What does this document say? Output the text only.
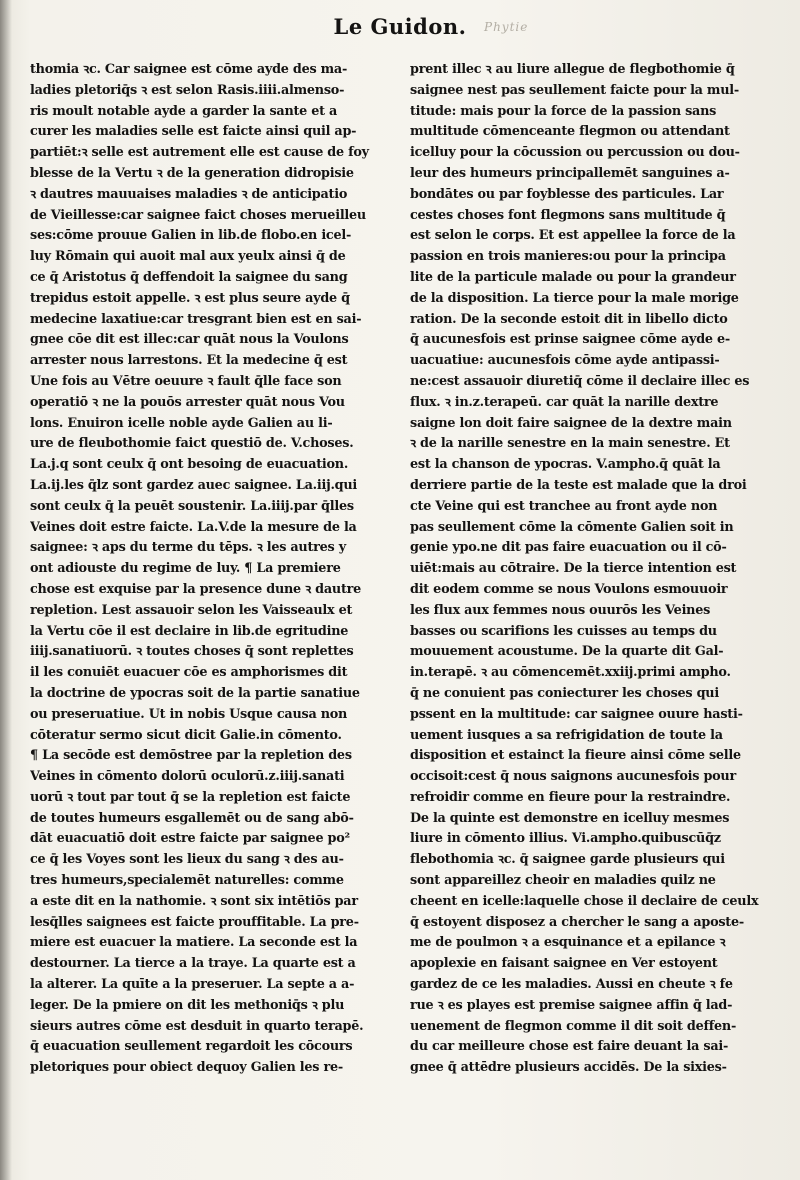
Phytie
Le Guidon.
thomia ꝛc. Car saignee est cōme ayde des ma-
ladies pletoriq̄s ꝛ est selon Rasis.iiii.almenso-
ris moult notable ayde a garder la sante et a
curer les maladies selle est faicte ainsi quil ap-
partiēt:ꝛ selle est autrement elle est cause de foy
blesse de la Vertu ꝛ de la generation didropisie
ꝛ dautres mauuaises maladies ꝛ de anticipatio
de Vieillesse:car saignee faict choses merueilleu
ses:cōme prouue Galien in lib.de flobo.en icel-
luy Rōmain qui auoit mal aux yeulx ainsi q̄ de
ce q̄ Aristotus q̄ deffendoit la saignee du sang
trepidus estoit appelle. ꝛ est plus seure ayde q̄
medecine laxatiue:car tresgrant bien est en sai-
gnee cōe dit est illec:car quāt nous la Voulons
arrester nous larrestons. Et la medecine q̄ est
Une fois au Vētre oeuure ꝛ fault q̄lle face son
operatiō ꝛ ne la pouōs arrester quāt nous Vou
lons. Enuiron icelle noble ayde Galien au li-
ure de fleubothomie faict questiō de. V.choses.
La.j.q sont ceulx q̄ ont besoing de euacuation.
La.ij.les q̄lz sont gardez auec saignee. La.iij.qui
sont ceulx q̄ la peuēt soustenir. La.iiij.par q̄lles
Veines doit estre faicte. La.V.de la mesure de la
saignee: ꝛ aps du terme du tēps. ꝛ les autres y
ont adiouste du regime de luy. ¶ La premiere
chose est exquise par la presence dune ꝛ dautre
repletion. Lest assauoir selon les Vaisseaulx et
la Vertu cōe il est declaire in lib.de egritudine
iiij.sanatiuorū. ꝛ toutes choses q̄ sont replettes
il les conuiēt euacuer cōe es amphorismes dit
la doctrine de ypocras soit de la partie sanatiue
ou preseruatiue. Ut in nobis Usque causa non
cōteratur sermo sicut dicit Galie.in cōmento.
¶ La secōde est demōstree par la repletion des
Veines in cōmento dolorū oculorū.z.iiij.sanati
uorū ꝛ tout par tout q̄ se la repletion est faicte
de toutes humeurs esgallemēt ou de sang abō-
dāt euacuatiō doit estre faicte par saignee po²
ce q̄ les Voyes sont les lieux du sang ꝛ des au-
tres humeurs,specialemēt naturelles: comme
a este dit en la nathomie. ꝛ sont six intētiōs par
lesq̄lles saignees est faicte prouffitable. La pre-
miere est euacuer la matiere. La seconde est la
destourner. La tierce a la traye. La quarte est a
la alterer. La quīte a la preseruer. La septe a a-
leger. De la pmiere on dit les methoniq̄s ꝛ plu
sieurs autres cōme est desduit in quarto terapē.
q̄ euacuation seullement regardoit les cōcours
pletoriques pour obiect dequoy Galien les re-
prent illec ꝛ au liure allegue de flegbothomie q̄
saignee nest pas seullement faicte pour la mul-
titude: mais pour la force de la passion sans
multitude cōmenceante flegmon ou attendant
icelluy pour la cōcussion ou percussion ou dou-
leur des humeurs principallemēt sanguines a-
bondātes ou par foyblesse des particules. Lar
cestes choses font flegmons sans multitude q̄
est selon le corps. Et est appellee la force de la
passion en trois manieres:ou pour la principa
lite de la particule malade ou pour la grandeur
de la disposition. La tierce pour la male morige
ration. De la seconde estoit dit in libello dicto
q̄ aucunesfois est prinse saignee cōme ayde e-
uacuatiue: aucunesfois cōme ayde antipassi-
ne:cest assauoir diuretiq̄ cōme il declaire illec es
flux. ꝛ in.z.terapeū. car quāt la narille dextre
saigne lon doit faire saignee de la dextre main
ꝛ de la narille senestre en la main senestre. Et
est la chanson de ypocras. V.ampho.q̄ quāt la
derriere partie de la teste est malade que la droi
cte Veine qui est tranchee au front ayde non
pas seullement cōme la cōmente Galien soit in
genie ypo.ne dit pas faire euacuation ou il cō-
uiēt:mais au cōtraire. De la tierce intention est
dit eodem comme se nous Voulons esmouuoir
les flux aux femmes nous ouurōs les Veines
basses ou scarifions les cuisses au temps du
mouuement acoustume. De la quarte dit Gal-
in.terapē. ꝛ au cōmencemēt.xxiij.primi ampho.
q̄ ne conuient pas coniecturer les choses qui
pssent en la multitude: car saignee ouure hasti-
uement iusques a sa refrigidation de toute la
disposition et estainct la fieure ainsi cōme selle
occisoit:cest q̄ nous saignons aucunesfois pour
refroidir comme en fieure pour la restraindre.
De la quinte est demonstre en icelluy mesmes
liure in cōmento illius. Vi.ampho.quibuscūq̄z
flebothomia ꝛc. q̄ saignee garde plusieurs qui
sont appareillez cheoir en maladies quilz ne
cheent en icelle:laquelle chose il declaire de ceulx
q̄ estoyent disposez a chercher le sang a aposte-
me de poulmon ꝛ a esquinance et a epilance ꝛ
apoplexie en faisant saignee en Ver estoyent
gardez de ce les maladies. Aussi en cheute ꝛ fe
rue ꝛ es playes est premise saignee affin q̄ lad-
uenement de flegmon comme il dit soit deffen-
du car meilleure chose est faire deuant la sai-
gnee q̄ attēdre plusieurs accidēs. De la sixies-
